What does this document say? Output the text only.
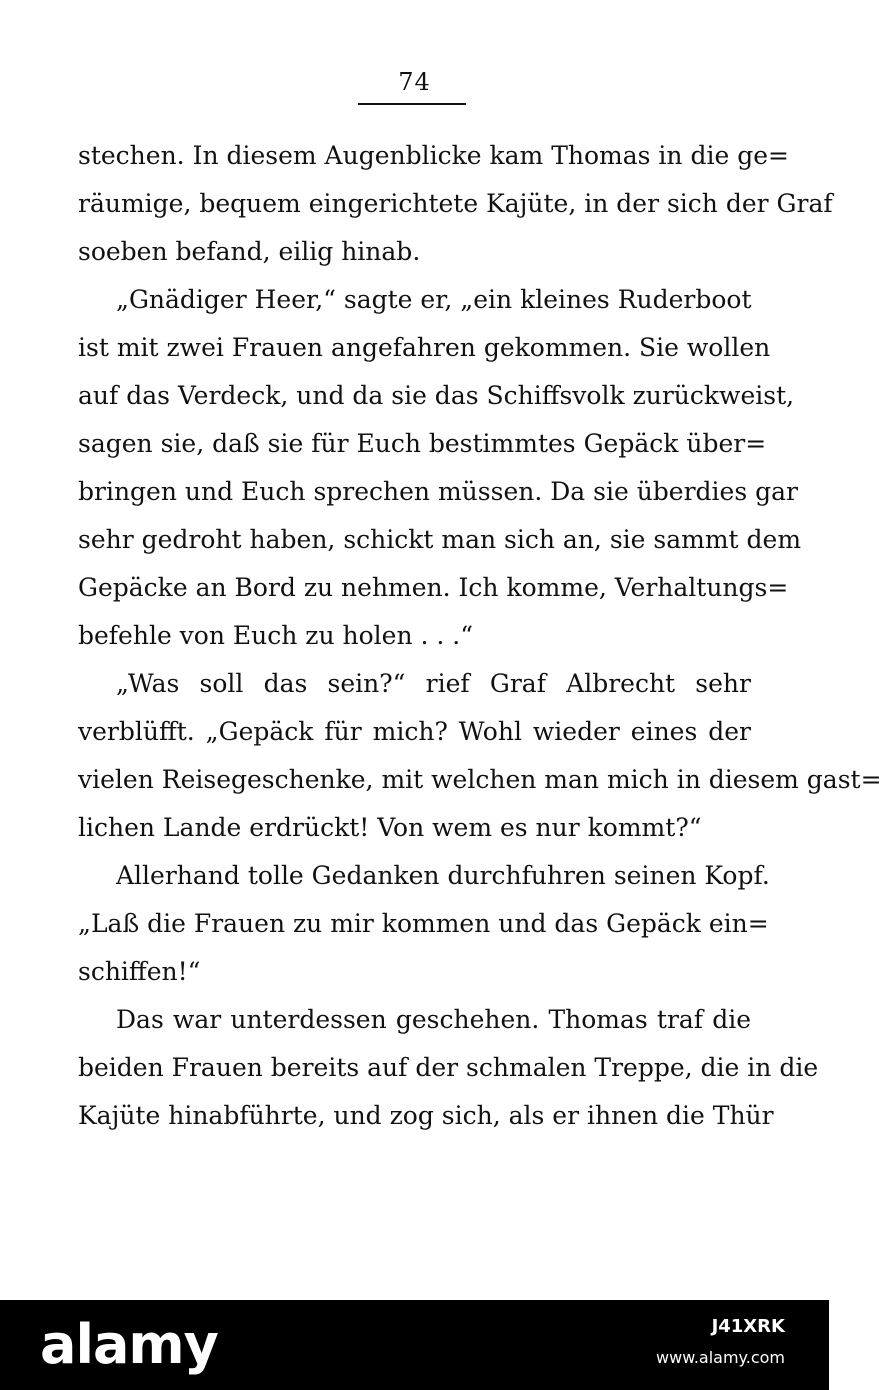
74
stechen. In diesem Augenblicke kam Thomas in die ge=
räumige, bequem eingerichtete Kajüte, in der sich der Graf
soeben befand, eilig hinab.
„Gnädiger Heer,“ sagte er, „ein kleines Ruderboot
ist mit zwei Frauen angefahren gekommen. Sie wollen
auf das Verdeck, und da sie das Schiffsvolk zurückweist,
sagen sie, daß sie für Euch bestimmtes Gepäck über=
bringen und Euch sprechen müssen. Da sie überdies gar
sehr gedroht haben, schickt man sich an, sie sammt dem
Gepäcke an Bord zu nehmen. Ich komme, Verhaltungs=
befehle von Euch zu holen . . .“
„Was soll das sein?“ rief Graf Albrecht sehr
verblüfft. „Gepäck für mich? Wohl wieder eines der
vielen Reisegeschenke, mit welchen man mich in diesem gast=
lichen Lande erdrückt! Von wem es nur kommt?“
Allerhand tolle Gedanken durchfuhren seinen Kopf.
„Laß die Frauen zu mir kommen und das Gepäck ein=
schiffen!“
Das war unterdessen geschehen. Thomas traf die
beiden Frauen bereits auf der schmalen Treppe, die in die
Kajüte hinabführte, und zog sich, als er ihnen die Thür
alamy	J41XRK
www.alamy.com
